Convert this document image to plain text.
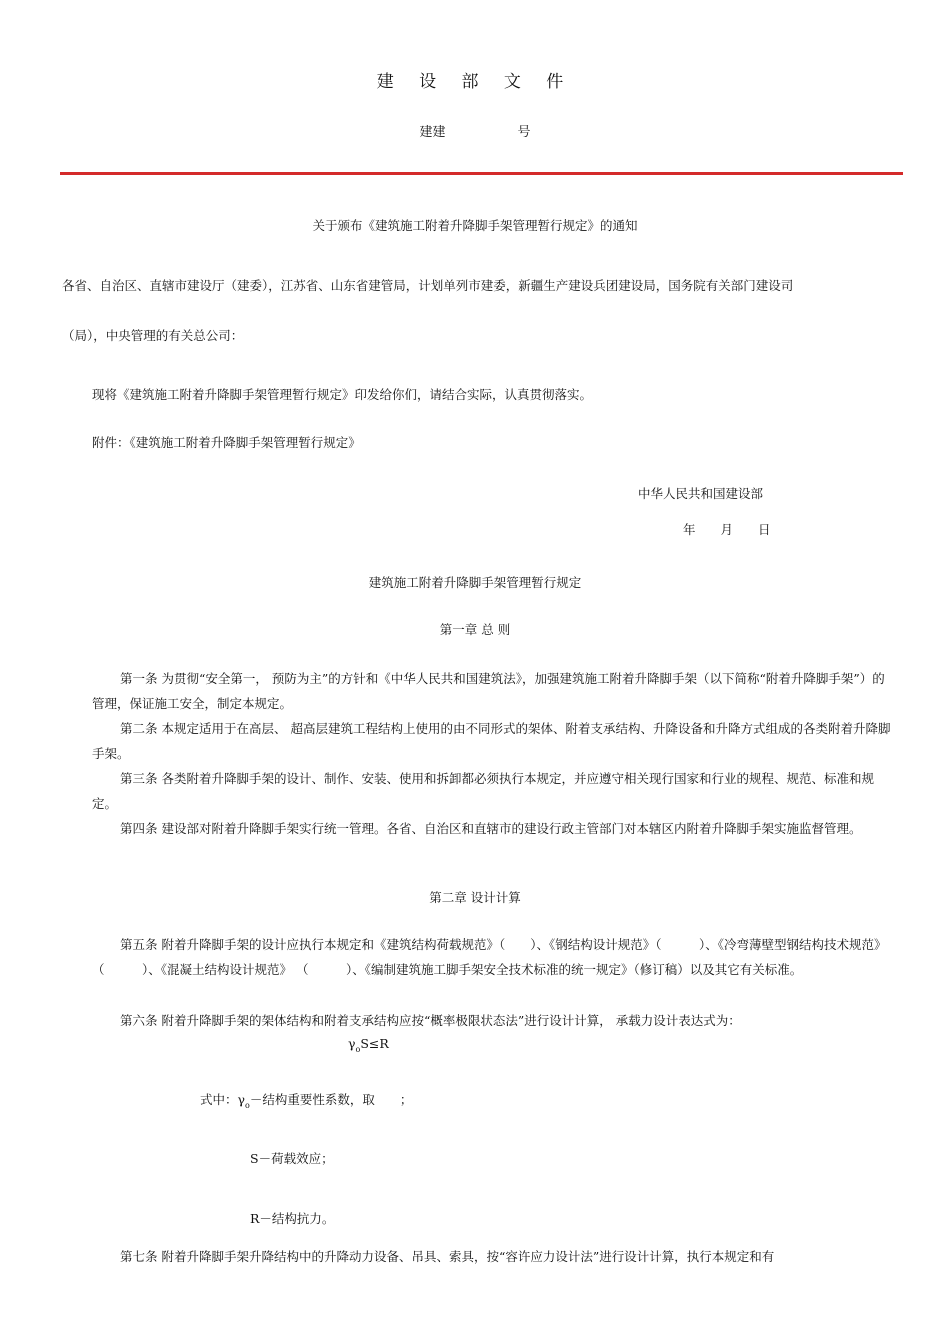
建 设 部 文 件
建建	号
关于颁布《建筑施工附着升降脚手架管理暂行规定》的通知
各省、自治区、直辖市建设厅（建委），江苏省、山东省建管局，计划单列市建委，新疆生产建设兵团建设局，国务院有关部门建设司
（局），中央管理的有关总公司：
现将《建筑施工附着升降脚手架管理暂行规定》印发给你们，请结合实际，认真贯彻落实。
附件：《建筑施工附着升降脚手架管理暂行规定》
中华人民共和国建设部
年　　月　　日
建筑施工附着升降脚手架管理暂行规定
第一章 总 则
第一条 为贯彻“安全第一， 预防为主”的方针和《中华人民共和国建筑法》，加强建筑施工附着升降脚手架（以下简称“附着升降脚手架”）的管理，保证施工安全，制定本规定。
第二条 本规定适用于在高层、 超高层建筑工程结构上使用的由不同形式的架体、附着支承结构、升降设备和升降方式组成的各类附着升降脚手架。
第三条 各类附着升降脚手架的设计、制作、安装、使用和拆卸都必须执行本规定，并应遵守相关现行国家和行业的规程、规范、标准和规定。
第四条 建设部对附着升降脚手架实行统一管理。各省、自治区和直辖市的建设行政主管部门对本辖区内附着升降脚手架实施监督管理。
第二章 设计计算
第五条 附着升降脚手架的设计应执行本规定和《建筑结构荷载规范》（　　）、《钢结构设计规范》（　　　）、《冷弯薄壁型钢结构技术规范》 （　　　）、《混凝土结构设计规范》 （　　　）、《编制建筑施工脚手架安全技术标准的统一规定》（修订稿）以及其它有关标准。
第六条 附着升降脚手架的架体结构和附着支承结构应按“概率极限状态法”进行设计计算， 承载力设计表达式为：
$\gamma_oS\le R$
式中：$\gamma_o-$结构重要性系数，取　　；
S－荷载效应；
R－结构抗力。
第七条 附着升降脚手架升降结构中的升降动力设备、吊具、索具，按“容许应力设计法”进行设计计算，执行本规定和有
